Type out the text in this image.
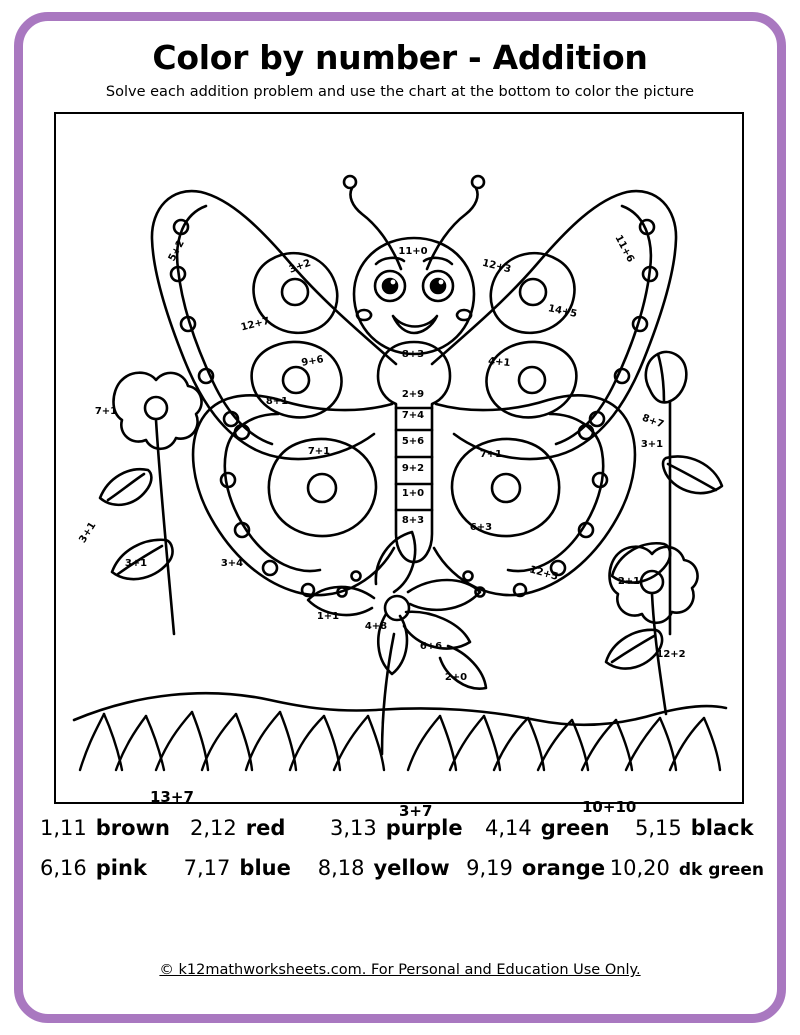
Color by number - Addition
Solve each addition problem and use the chart at the bottom to color the picture
5+2
3+2
12+7
9+6
11+0
8+3
12+3
11+6
14+5
4+1
2+9
7+4
5+6
9+2
1+0
8+3
8+1
7+1	7+1
3+4
6+3
12+5
7+1
3+1
3+1
8+7
3+1
2+1
12+2
1+1
4+8
6+6
2+0
13+7
3+7	10+10
1,11 brown 2,12 red 3,13 purple 4,14 green 5,15 black
6,16 pink 7,17 blue 8,18 yellow 9,19 orange 10,20 dk green
© k12mathworksheets.com. For Personal and Education Use Only.
